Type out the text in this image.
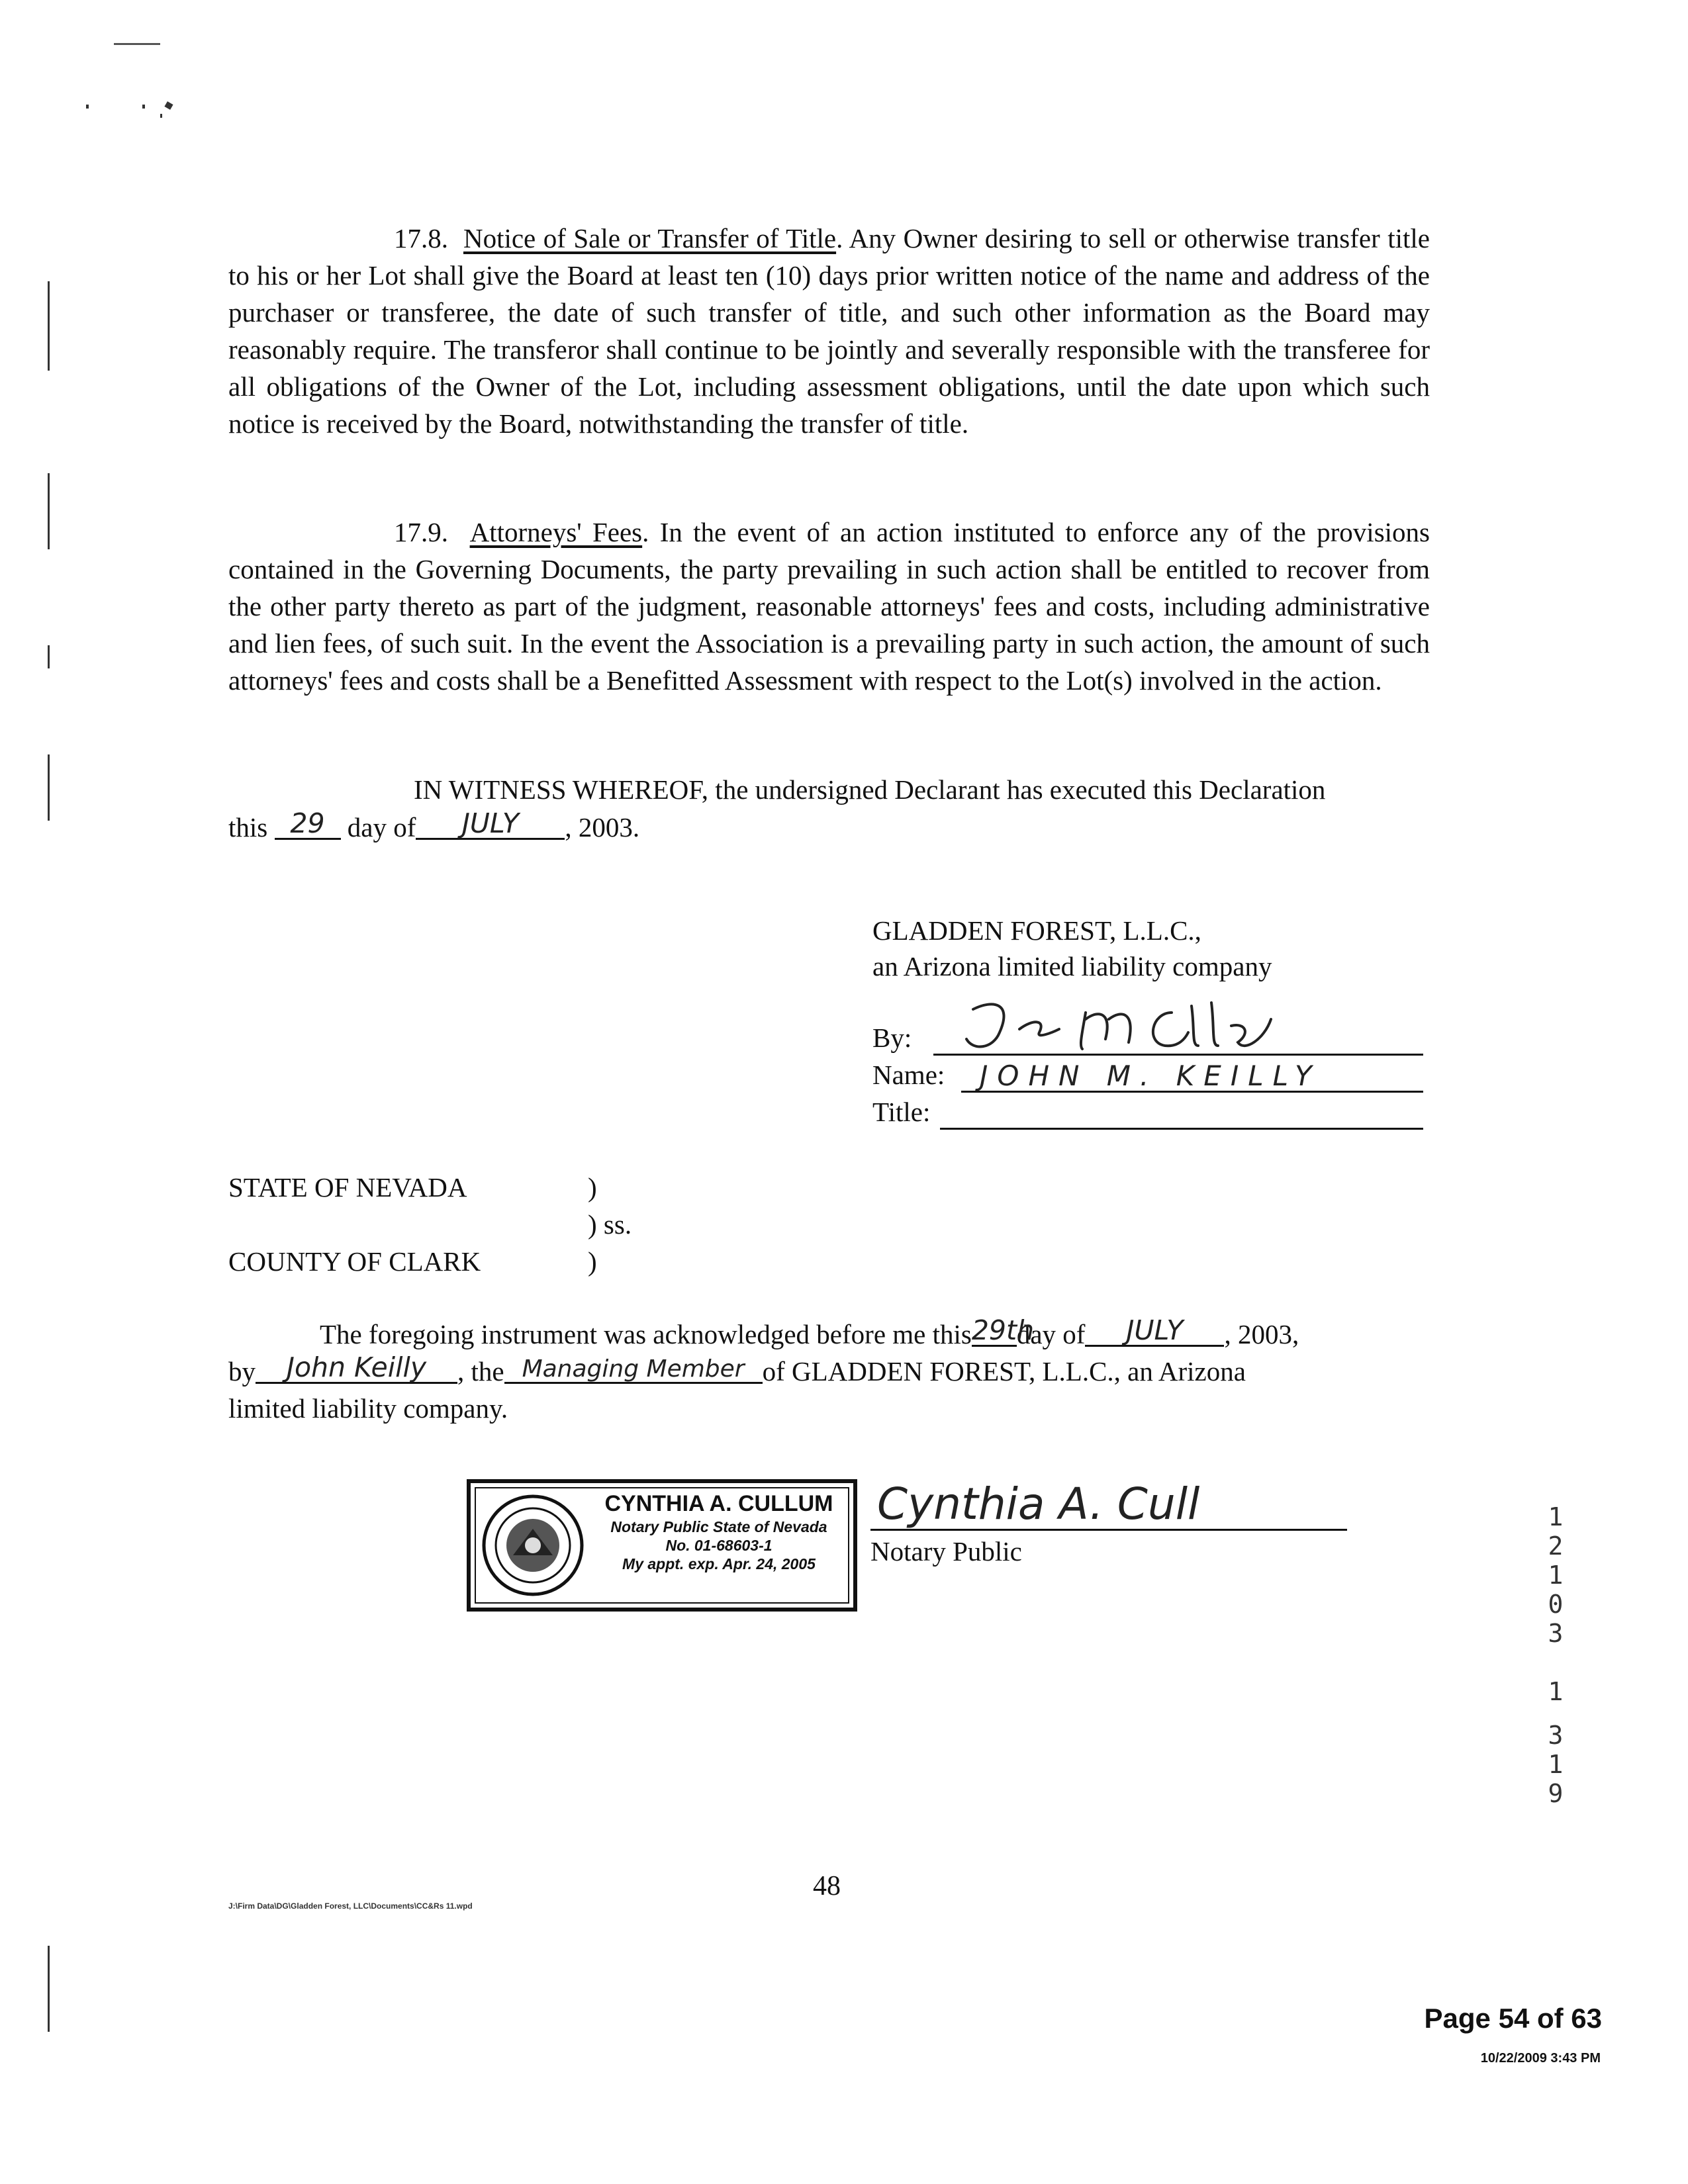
17.8. Notice of Sale or Transfer of Title. Any Owner desiring to sell or otherwise transfer title to his or her Lot shall give the Board at least ten (10) days prior written notice of the name and address of the purchaser or transferee, the date of such transfer of title, and such other information as the Board may reasonably require. The transferor shall continue to be jointly and severally responsible with the transferee for all obligations of the Owner of the Lot, including assessment obligations, until the date upon which such notice is received by the Board, notwithstanding the transfer of title.

17.9. Attorneys' Fees. In the event of an action instituted to enforce any of the provisions contained in the Governing Documents, the party prevailing in such action shall be entitled to recover from the other party thereto as part of the judgment, reasonable attorneys' fees and costs, including administrative and lien fees, of such suit. In the event the Association is a prevailing party in such action, the amount of such attorneys' fees and costs shall be a Benefitted Assessment with respect to the Lot(s) involved in the action.

IN WITNESS WHEREOF, the undersigned Declarant has executed this Declaration
this 29 day of JULY , 2003.
GLADDEN FOREST, L.L.C.,
an Arizona limited liability company
By:
Name: JOHN M. KEILLY
Title:
STATE OF NEVADA	)
) ss.
COUNTY OF CLARK	)
The foregoing instrument was acknowledged before me this29thday of JULY , 2003,
by John Keilly , the Managing Member of GLADDEN FOREST, L.L.C., an Arizona
limited liability company.
CYNTHIA A. CULLUM
Notary Public State of Nevada
No. 01-68603-1
My appt. exp. Apr. 24, 2005
Cynthia A. Cull
Notary Public
1
2
1
0
3
1
3
1
9
J:\Firm Data\DG\Gladden Forest, LLC\Documents\CC&Rs 11.wpd
48
Page 54 of 63
10/22/2009 3:43 PM
